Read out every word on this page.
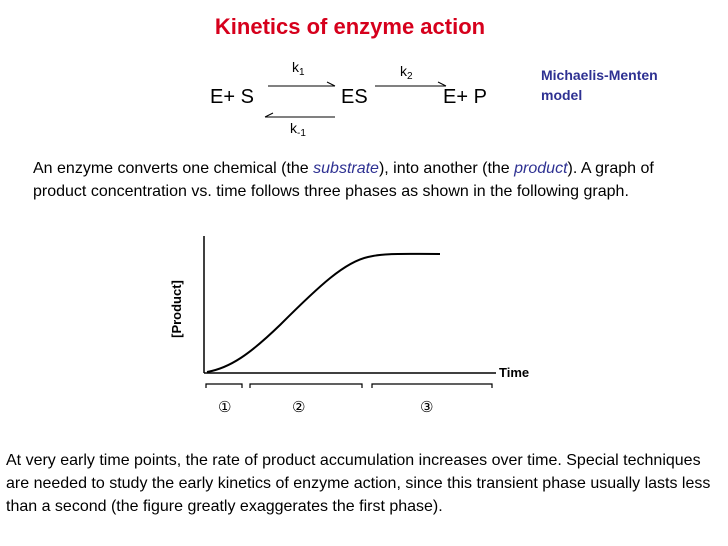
Kinetics of enzyme action
Michaelis-Menten
model
E+ S	ES	E+ P
$k_1$
$k_{-1}$
$k_2$
An enzyme converts one chemical (the substrate), into another (the product). A graph of product concentration vs. time follows three phases as shown in the following graph.
[Product]
Time
①	②	③
At very early time points, the rate of product accumulation increases over time. Special techniques are needed to study the early kinetics of enzyme action, since this transient phase usually lasts less than a second (the figure greatly exaggerates the first phase).
